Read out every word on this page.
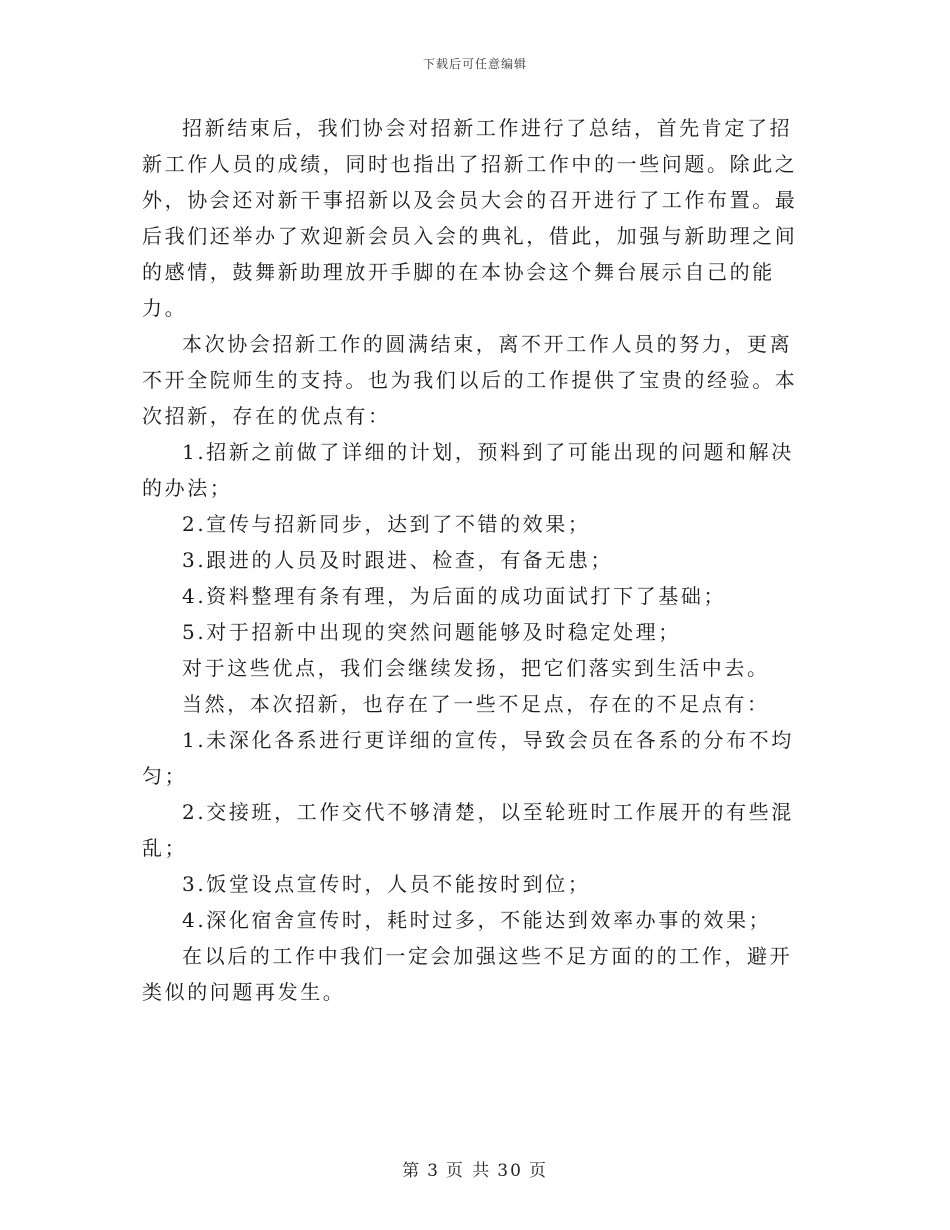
下载后可任意编辑

招新结束后，我们协会对招新工作进行了总结，首先肯定了招新工作人员的成绩，同时也指出了招新工作中的一些问题。除此之外，协会还对新干事招新以及会员大会的召开进行了工作布置。最后我们还举办了欢迎新会员入会的典礼，借此，加强与新助理之间的感情，鼓舞新助理放开手脚的在本协会这个舞台展示自己的能力。

本次协会招新工作的圆满结束，离不开工作人员的努力，更离不开全院师生的支持。也为我们以后的工作提供了宝贵的经验。本次招新，存在的优点有：

1.招新之前做了详细的计划，预料到了可能出现的问题和解决的办法；

2.宣传与招新同步，达到了不错的效果；

3.跟进的人员及时跟进、检查，有备无患；

4.资料整理有条有理，为后面的成功面试打下了基础；

5.对于招新中出现的突然问题能够及时稳定处理；

对于这些优点，我们会继续发扬，把它们落实到生活中去。

当然，本次招新，也存在了一些不足点，存在的不足点有：

1.未深化各系进行更详细的宣传，导致会员在各系的分布不均匀；

2.交接班，工作交代不够清楚，以至轮班时工作展开的有些混乱；

3.饭堂设点宣传时，人员不能按时到位；

4.深化宿舍宣传时，耗时过多，不能达到效率办事的效果；

在以后的工作中我们一定会加强这些不足方面的的工作，避开类似的问题再发生。

第 3 页 共 30 页
